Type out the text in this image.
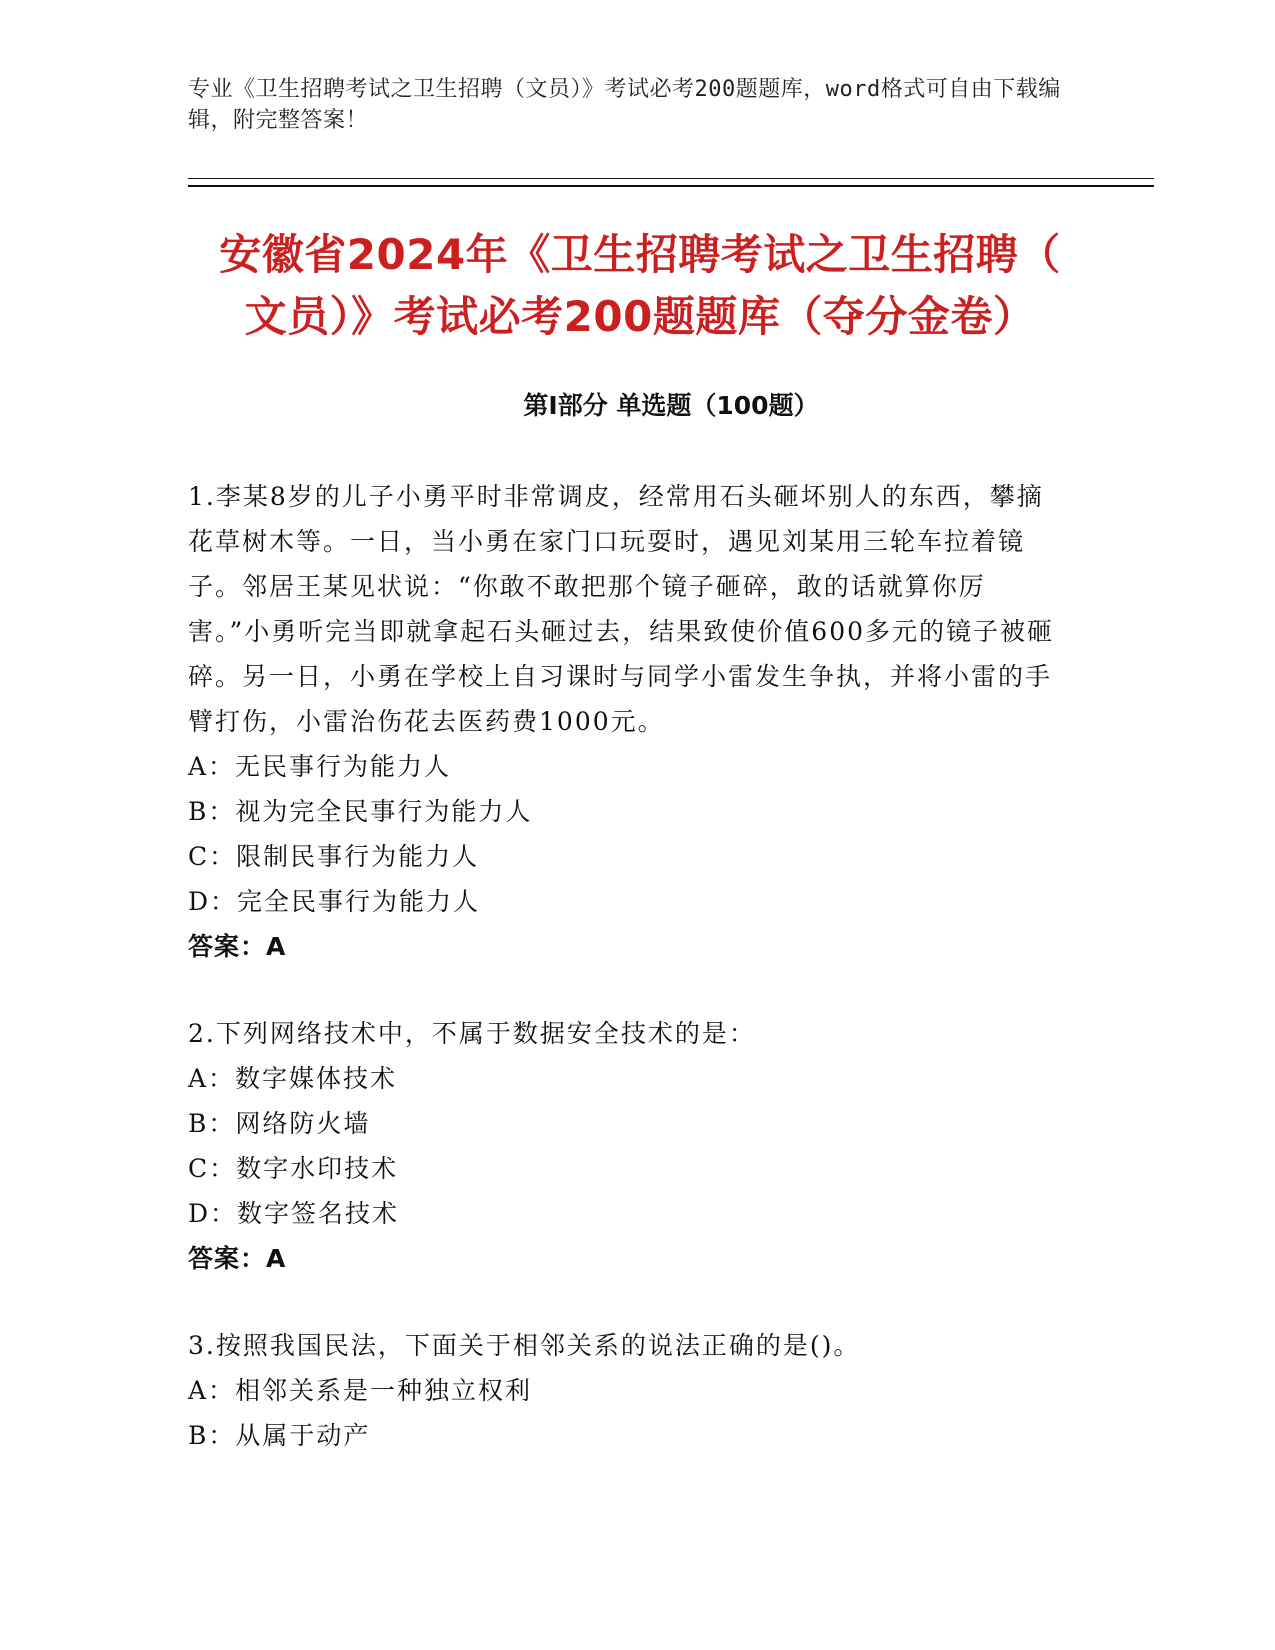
专业《卫生招聘考试之卫生招聘（文员）》考试必考200题题库，word格式可自由下载编辑，附完整答案！
安徽省2024年《卫生招聘考试之卫生招聘（
文员）》考试必考200题题库（夺分金卷）
第Ⅰ部分 单选题（100题）
1.李某8岁的儿子小勇平时非常调皮，经常用石头砸坏别人的东西，攀摘花草树木等。一日，当小勇在家门口玩耍时，遇见刘某用三轮车拉着镜子。邻居王某见状说：“你敢不敢把那个镜子砸碎，敢的话就算你厉害。”小勇听完当即就拿起石头砸过去，结果致使价值600多元的镜子被砸碎。另一日，小勇在学校上自习课时与同学小雷发生争执，并将小雷的手臂打伤，小雷治伤花去医药费1000元。
A：无民事行为能力人
B：视为完全民事行为能力人
C：限制民事行为能力人
D：完全民事行为能力人
答案：A
2.下列网络技术中，不属于数据安全技术的是：
A：数字媒体技术
B：网络防火墙
C：数字水印技术
D：数字签名技术
答案：A
3.按照我国民法，下面关于相邻关系的说法正确的是()。
A：相邻关系是一种独立权利
B：从属于动产
